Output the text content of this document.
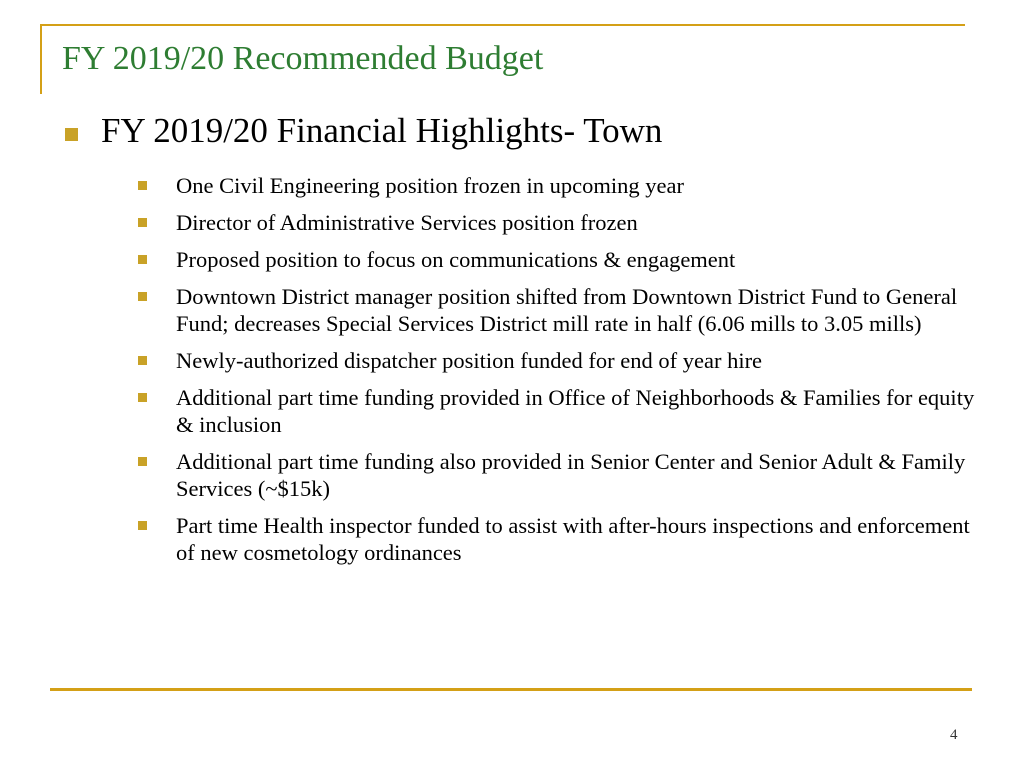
FY 2019/20 Recommended Budget
FY 2019/20 Financial Highlights- Town
One Civil Engineering position frozen in upcoming year
Director of Administrative Services position frozen
Proposed position to focus on communications & engagement
Downtown District manager position shifted from Downtown District Fund to General Fund; decreases Special Services District mill rate in half (6.06 mills to 3.05 mills)
Newly-authorized dispatcher position funded for end of year hire
Additional part time funding provided in Office of Neighborhoods & Families for equity & inclusion
Additional part time funding also provided in Senior Center and Senior Adult & Family Services (~$15k)
Part time Health inspector funded to assist with after-hours inspections and enforcement of new cosmetology ordinances
4
